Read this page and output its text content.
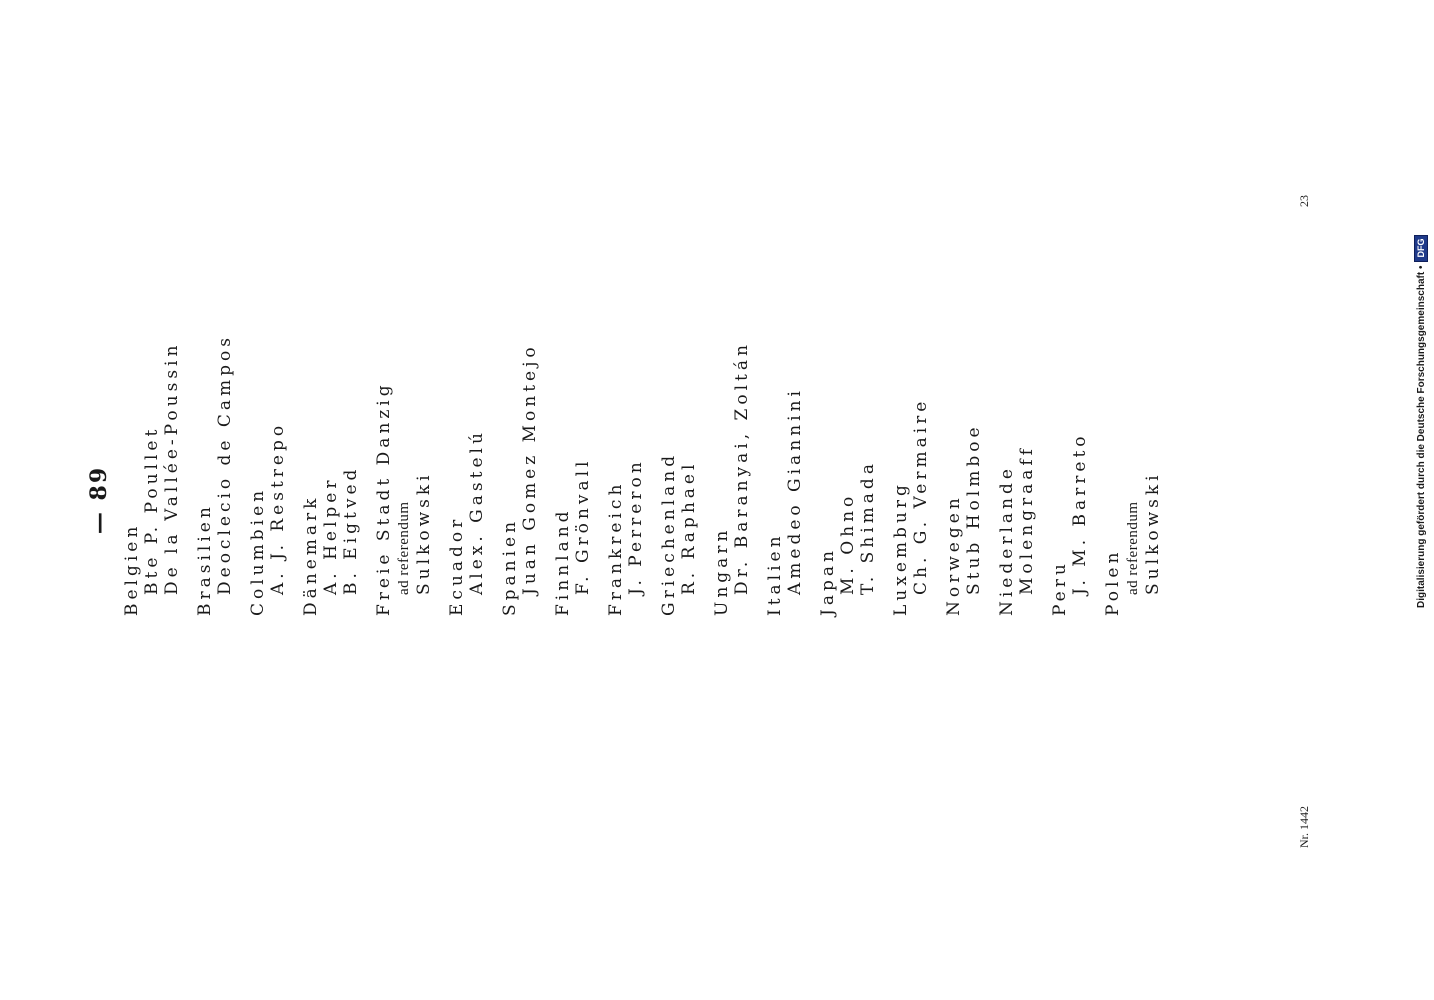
— 89
Belgien Bte P. Poullet De la Vallée-Poussin Brasilien Deoclecio de Campos Columbien A. J. Restrepo Dänemark A. Helper B. Eigtved Freie Stadt Danzig ad referendum Sulkowski Ecuador Alex. Gastelú Spanien Juan Gomez Montejo Finnland F. Grönvall Frankreich J. Perreron Griechenland R. Raphael Ungarn Dr. Baranyai, Zoltán Italien Amedeo Giannini Japan M. Ohno T. Shimada Luxemburg Ch. G. Vermaire Norwegen Stub Holmboe Niederlande Molengraaff Peru J. M. Barreto Polen ad referendum Sulkowski
Nr. 1442
23
Digitalisierung gefördert durch die Deutsche Forschungsgemeinschaft •
DFG
